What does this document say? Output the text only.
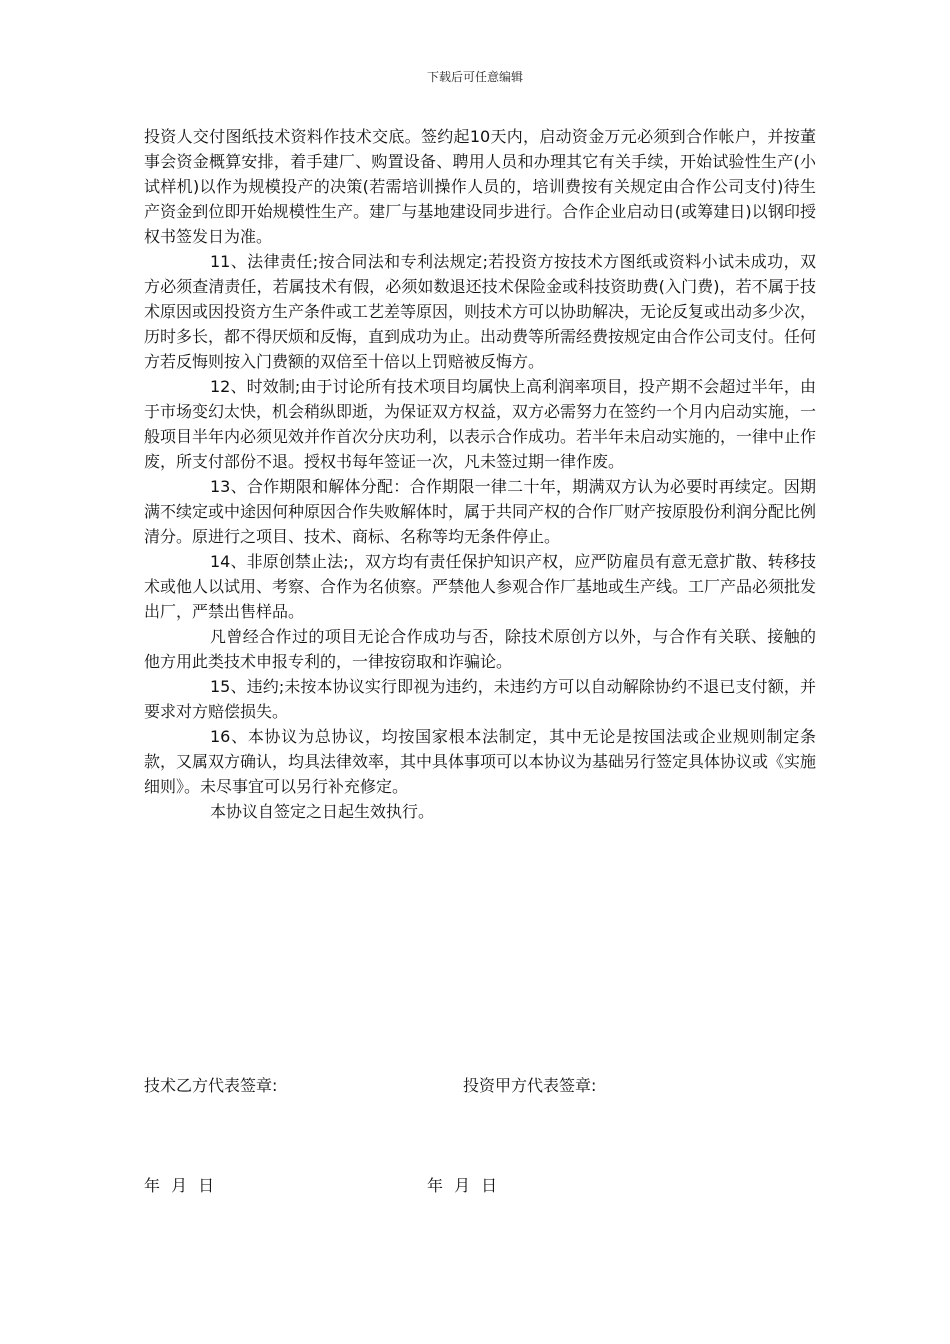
下载后可任意编辑

投资人交付图纸技术资料作技术交底。签约起10天内，启动资金万元必须到合作帐户，并按董事会资金概算安排，着手建厂、购置设备、聘用人员和办理其它有关手续，开始试验性生产(小试样机)以作为规模投产的决策(若需培训操作人员的，培训费按有关规定由合作公司支付)待生产资金到位即开始规模性生产。建厂与基地建设同步进行。合作企业启动日(或筹建日)以钢印授权书签发日为准。

11、法律责任;按合同法和专利法规定;若投资方按技术方图纸或资料小试未成功，双方必须查清责任，若属技术有假，必须如数退还技术保险金或科技资助费(入门费)，若不属于技术原因或因投资方生产条件或工艺差等原因，则技术方可以协助解决，无论反复或出动多少次，历时多长，都不得厌烦和反悔，直到成功为止。出动费等所需经费按规定由合作公司支付。任何方若反悔则按入门费额的双倍至十倍以上罚赔被反悔方。

12、时效制;由于讨论所有技术项目均属快上高利润率项目，投产期不会超过半年，由于市场变幻太快，机会稍纵即逝，为保证双方权益，双方必需努力在签约一个月内启动实施，一般项目半年内必须见效并作首次分庆功利，以表示合作成功。若半年未启动实施的，一律中止作废，所支付部份不退。授权书每年签证一次，凡未签过期一律作废。

13、合作期限和解体分配：合作期限一律二十年，期满双方认为必要时再续定。因期满不续定或中途因何种原因合作失败解体时，属于共同产权的合作厂财产按原股份利润分配比例清分。原进行之项目、技术、商标、名称等均无条件停止。

14、非原创禁止法;，双方均有责任保护知识产权，应严防雇员有意无意扩散、转移技术或他人以试用、考察、合作为名侦察。严禁他人参观合作厂基地或生产线。工厂产品必须批发出厂，严禁出售样品。

凡曾经合作过的项目无论合作成功与否，除技术原创方以外，与合作有关联、接触的他方用此类技术申报专利的，一律按窃取和诈骗论。

15、违约;未按本协议实行即视为违约，未违约方可以自动解除协约不退已支付额，并要求对方赔偿损失。

16、本协议为总协议，均按国家根本法制定，其中无论是按国法或企业规则制定条款，又属双方确认，均具法律效率，其中具体事项可以本协议为基础另行签定具体协议或《实施细则》。未尽事宜可以另行补充修定。

本协议自签定之日起生效执行。

技术乙方代表签章:	投资甲方代表签章:
年 月 日	年 月 日
